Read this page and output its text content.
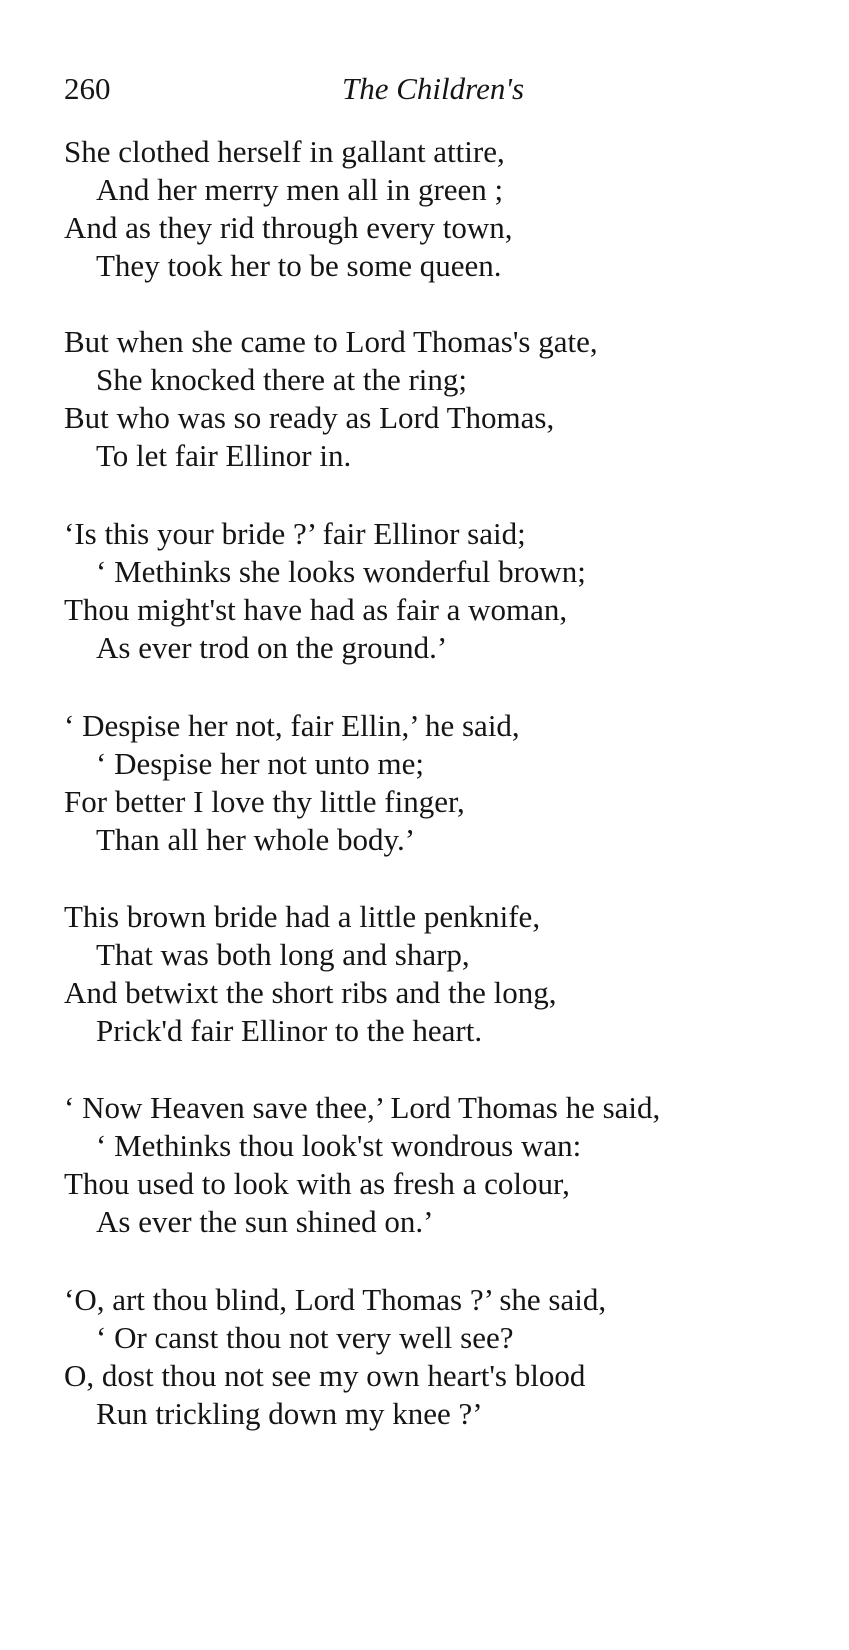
260	The Children's
She clothed herself in gallant attire,
And her merry men all in green ;
And as they rid through every town,
They took her to be some queen.
But when she came to Lord Thomas's gate,
She knocked there at the ring;
But who was so ready as Lord Thomas,
To let fair Ellinor in.
‘Is this your bride ?’ fair Ellinor said;
‘ Methinks she looks wonderful brown;
Thou might'st have had as fair a woman,
As ever trod on the ground.’
‘ Despise her not, fair Ellin,’ he said,
‘ Despise her not unto me;
For better I love thy little finger,
Than all her whole body.’
This brown bride had a little penknife,
That was both long and sharp,
And betwixt the short ribs and the long,
Prick'd fair Ellinor to the heart.
‘ Now Heaven save thee,’ Lord Thomas he said,
‘ Methinks thou look'st wondrous wan:
Thou used to look with as fresh a colour,
As ever the sun shined on.’
‘O, art thou blind, Lord Thomas ?’ she said,
‘ Or canst thou not very well see?
O, dost thou not see my own heart's blood
Run trickling down my knee ?’
